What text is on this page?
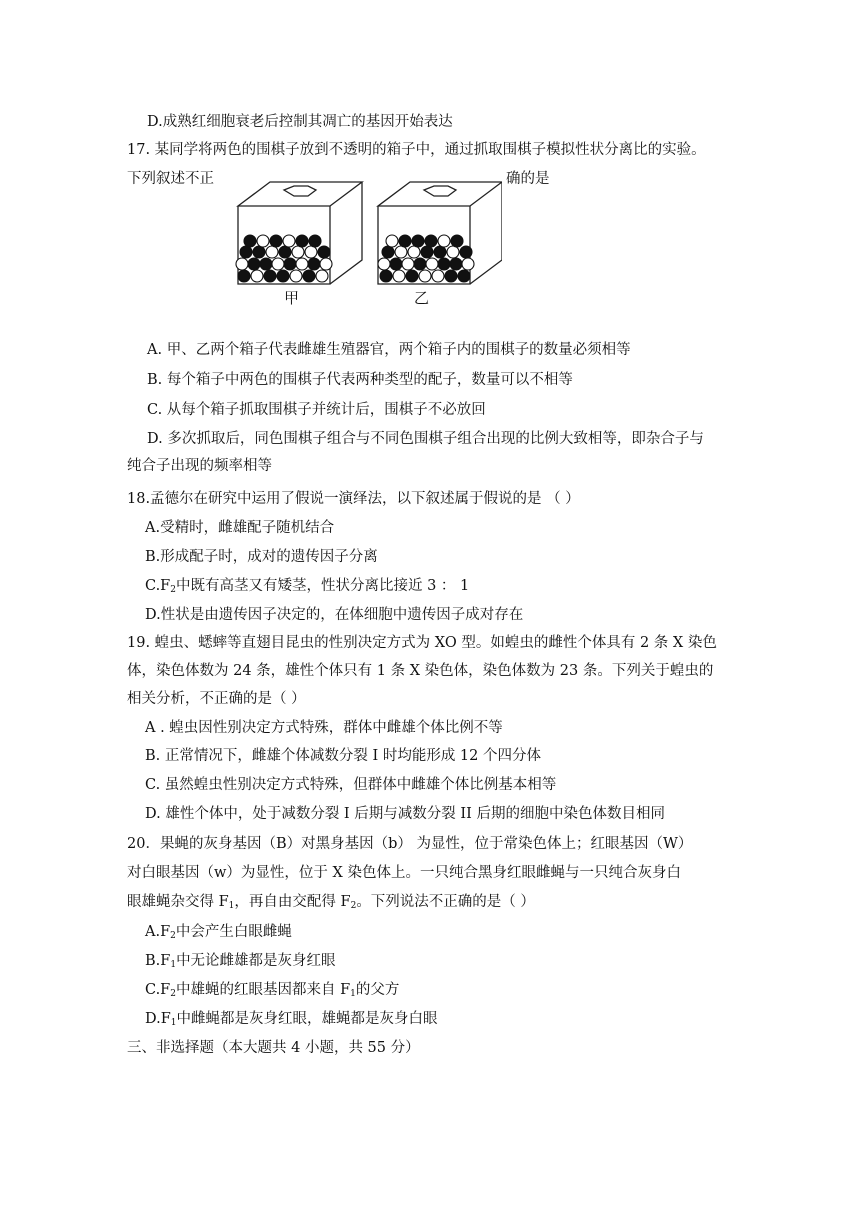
D.成熟红细胞衰老后控制其凋亡的基因开始表达
17. 某同学将两色的围棋子放到不透明的箱子中，通过抓取围棋子模拟性状分离比的实验。
下列叙述不正	确的是
甲	乙
A. 甲、乙两个箱子代表雌雄生殖器官，两个箱子内的围棋子的数量必须相等
B. 每个箱子中两色的围棋子代表两种类型的配子，数量可以不相等
C. 从每个箱子抓取围棋子并统计后，围棋子不必放回
D. 多次抓取后，同色围棋子组合与不同色围棋子组合出现的比例大致相等，即杂合子与
纯合子出现的频率相等
18.孟德尔在研究中运用了假说一演绎法，以下叙述属于假说的是 （ ）
A.受精时，雌雄配子随机结合
B.形成配子时，成对的遗传因子分离
$C.F_2$中既有高茎又有矮茎，性状分离比接近 3 ： 1
D.性状是由遗传因子决定的，在体细胞中遗传因子成对存在
19. 蝗虫、蟋蟀等直翅目昆虫的性别决定方式为 XO 型。如蝗虫的雌性个体具有 2 条 X 染色
体，染色体数为 24 条，雄性个体只有 1 条 X 染色体，染色体数为 23 条。下列关于蝗虫的
相关分析，不正确的是（ ）
A . 蝗虫因性别决定方式特殊，群体中雌雄个体比例不等
B. 正常情况下，雌雄个体减数分裂 I 时均能形成 12 个四分体
C. 虽然蝗虫性别决定方式特殊，但群体中雌雄个体比例基本相等
D. 雄性个体中，处于减数分裂 I 后期与减数分裂 II 后期的细胞中染色体数目相同
20．果蝇的灰身基因（B）对黑身基因（b） 为显性，位于常染色体上；红眼基因（W）
对白眼基因（w）为显性，位于 X 染色体上。一只纯合黑身红眼雌蝇与一只纯合灰身白
眼雄蝇杂交得 $F_1$，再自由交配得 $F_2$。下列说法不正确的是（ ）
$A.F_2$中会产生白眼雌蝇
$B.F_1$中无论雌雄都是灰身红眼
$C.F_2$中雄蝇的红眼基因都来自 $F_1$的父方
$D.F_1$中雌蝇都是灰身红眼，雄蝇都是灰身白眼
三、非选择题（本大题共 4 小题，共 55 分）
